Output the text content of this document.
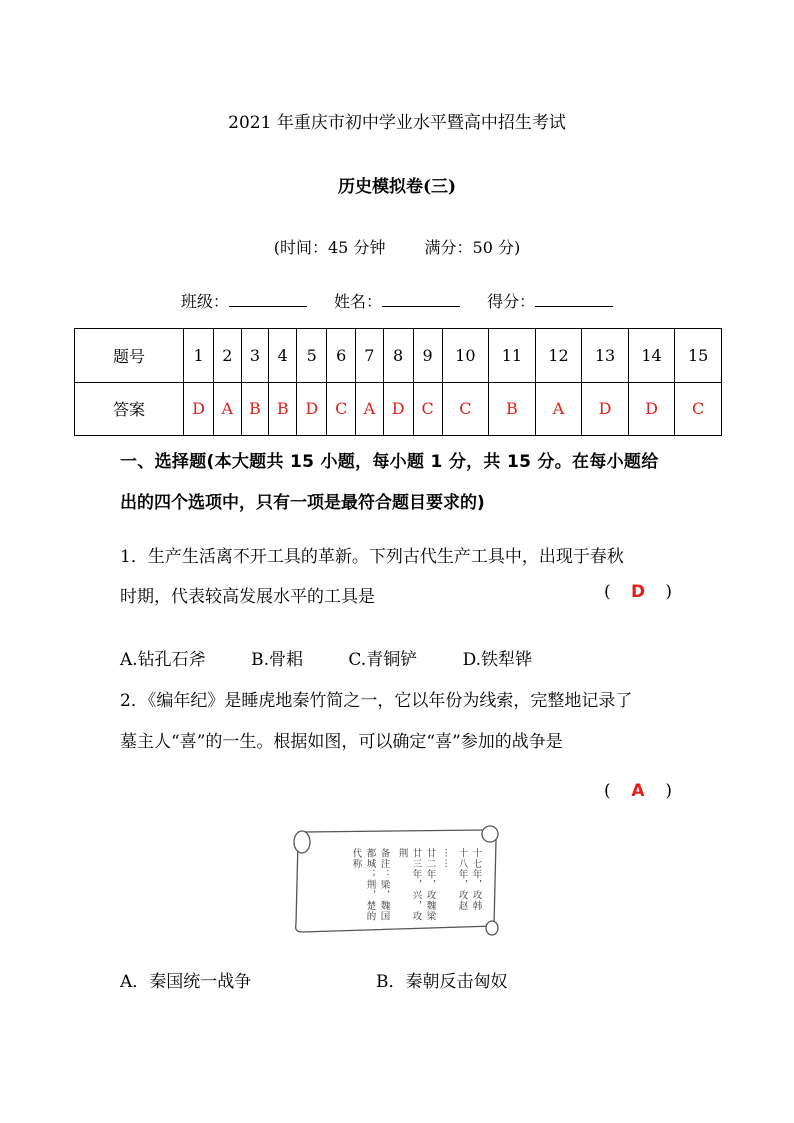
2021 年重庆市初中学业水平暨高中招生考试
历史模拟卷(三)
(时间：45 分钟 满分：50 分)
班级：	姓名：	得分：
题号	1	2	3	4	5	6	7	8	9	10	11	12	13	14	15
答案	D	A	B	B	D	C	A	D	C	C	B	A	D	D	C
一、选择题(本大题共 15 小题，每小题 1 分，共 15 分。在每小题给
出的四个选项中，只有一项是最符合题目要求的)
1．生产生活离不开工具的革新。下列古代生产工具中，出现于春秋
时期，代表较高发展水平的工具是	( D )
A.钻孔石斧	B.骨耜	C.青铜铲	D.铁犁铧
2．《编年纪》是睡虎地秦竹简之一，它以年份为线索，完整地记录了
墓主人“喜”的一生。根据如图，可以确定“喜”参加的战争是
( A )
十七年，攻韩
十八年，攻赵
……
廿二年，攻魏梁
廿三年，兴，攻
荆
备注：梁，魏国
都城；荆，楚的
代称
A．秦国统一战争	B．秦朝反击匈奴
